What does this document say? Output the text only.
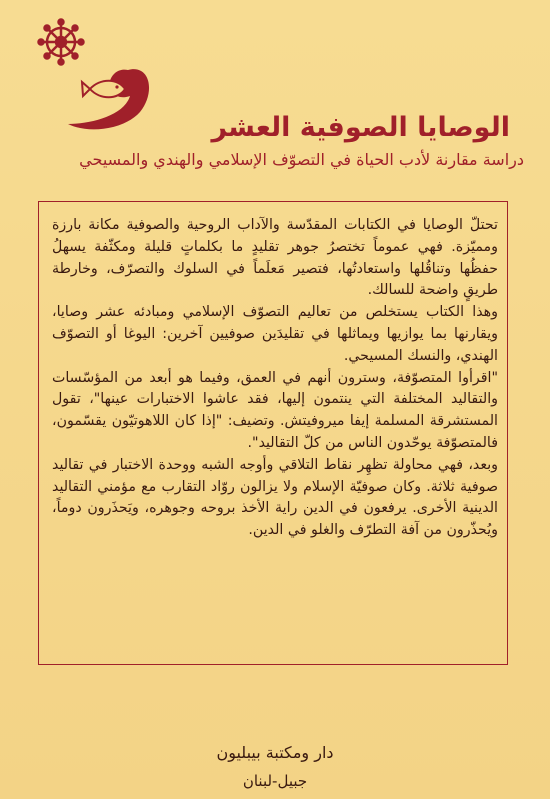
الوصايا الصوفية العشر
دراسة مقارنة لأدب الحياة في التصوّف الإسلامي والهندي والمسيحي

تحتلّ الوصايا في الكتابات المقدّسة والآداب الروحية والصوفية مكانة بارزة ومميّزة. فهي عموماً تختصرُ جوهر تقليدٍ ما بكلماتٍ قليلة ومكثّفة يسهلُ حفظُها وتناقُلها واستعادتُها، فتصير مَعلَماً في السلوك والتصرّف، وخارطة طريقٍ واضحة للسالك.

وهذا الكتاب يستخلص من تعاليم التصوّف الإسلامي ومبادئه عشر وصايا، ويقارنها بما يوازيها ويماثلها في تقليدَين صوفيين آخرين: اليوغا أو التصوّف الهندي، والنسك المسيحي.

"اقرأوا المتصوّفة، وسترون أنهم في العمق، وفيما هو أبعد من المؤسّسات والتقاليد المختلفة التي ينتمون إليها، فقد عاشوا الاختبارات عينها"، تقول المستشرقة المسلمة إيفا ميروفيتش. وتضيف: "إذا كان اللاهوتيّون يقسّمون، فالمتصوّفة يوحّدون الناس من كلّ التقاليد".

وبعد، فهي محاولة تظهِر نقاط التلاقي وأوجه الشبه ووحدة الاختبار في تقاليد صوفية ثلاثة. وكان صوفيّة الإسلام ولا يزالون روّاد التقارب مع مؤمني التقاليد الدينية الأخرى. يرفعون في الدين راية الأخذ بروحه وجوهره، ويَحذَرون دوماً، ويُحذّرون من آفة التطرّف والغلو في الدين.

دار ومكتبة بيبليون
جبيل-لبنان
